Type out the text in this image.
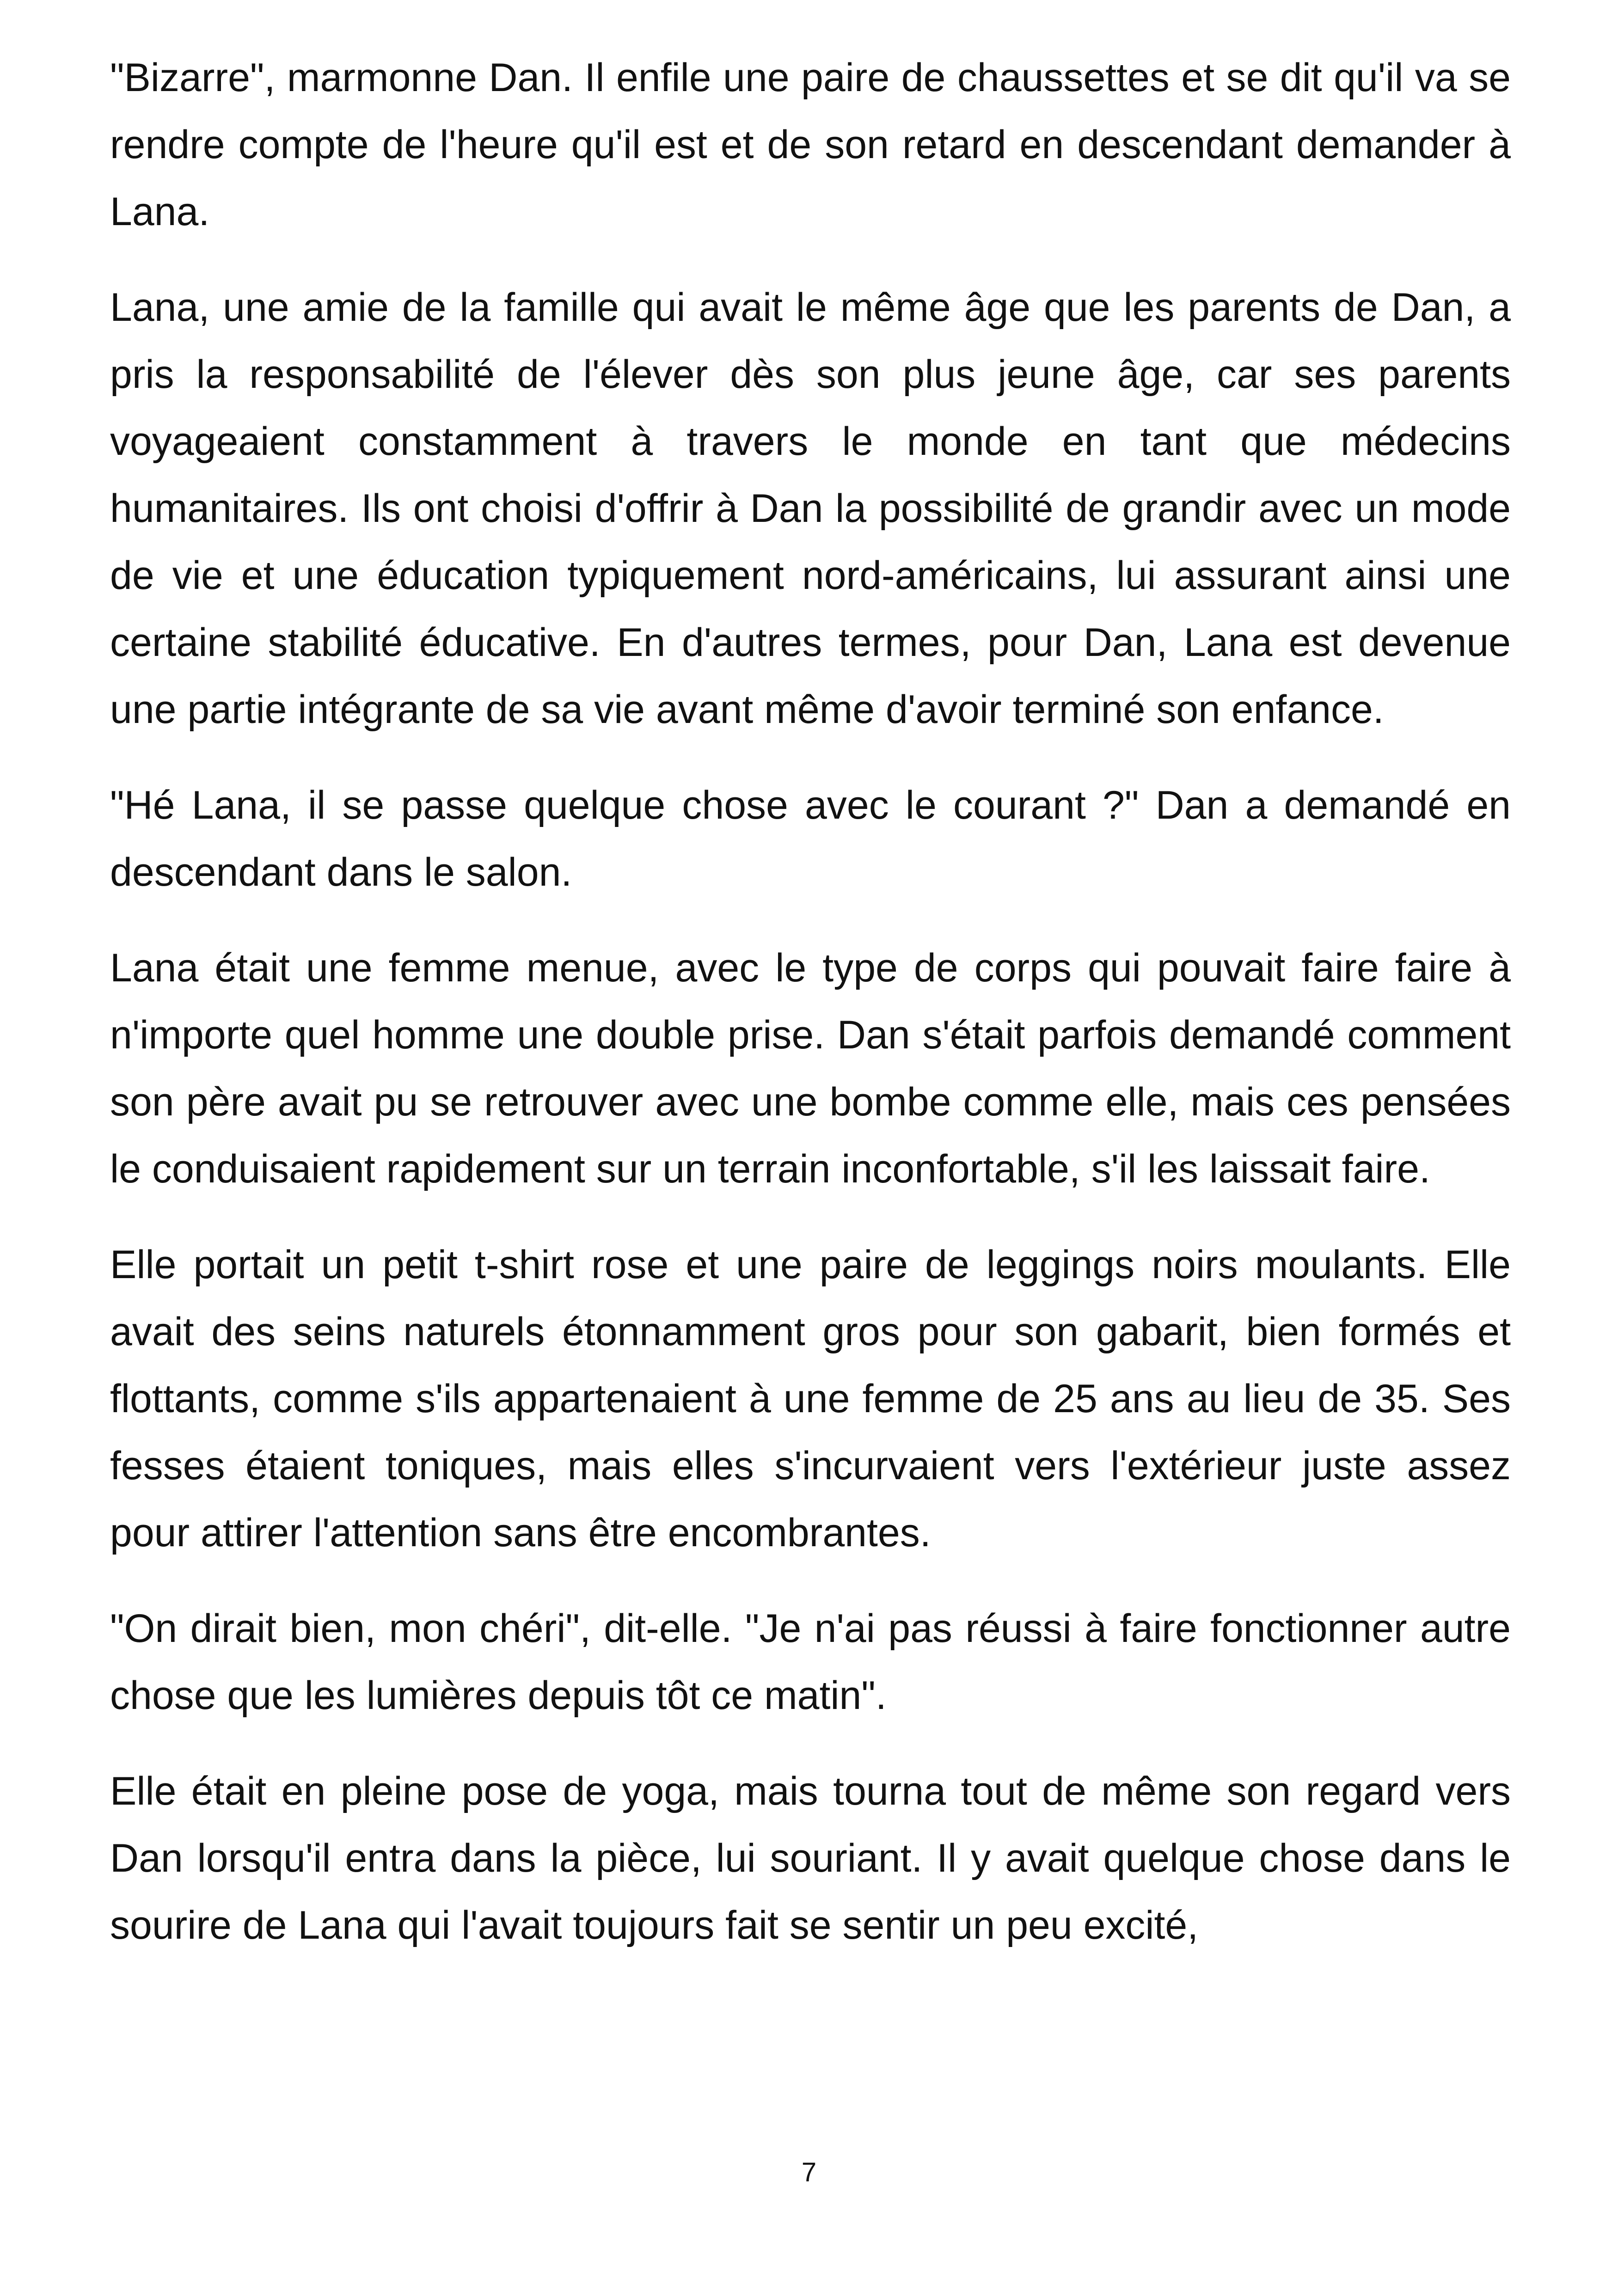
"Bizarre", marmonne Dan. Il enfile une paire de chaussettes et se dit qu'il va se rendre compte de l'heure qu'il est et de son retard en descendant demander à Lana.

Lana, une amie de la famille qui avait le même âge que les parents de Dan, a pris la responsabilité de l'élever dès son plus jeune âge, car ses parents voyageaient constamment à travers le monde en tant que médecins humanitaires. Ils ont choisi d'offrir à Dan la possibilité de grandir avec un mode de vie et une éducation typiquement nord-américains, lui assurant ainsi une certaine stabilité éducative. En d'autres termes, pour Dan, Lana est devenue une partie intégrante de sa vie avant même d'avoir terminé son enfance.

"Hé Lana, il se passe quelque chose avec le courant ?" Dan a demandé en descendant dans le salon.

Lana était une femme menue, avec le type de corps qui pouvait faire faire à n'importe quel homme une double prise. Dan s'était parfois demandé comment son père avait pu se retrouver avec une bombe comme elle, mais ces pensées le conduisaient rapidement sur un terrain inconfortable, s'il les laissait faire.

Elle portait un petit t-shirt rose et une paire de leggings noirs moulants. Elle avait des seins naturels étonnamment gros pour son gabarit, bien formés et flottants, comme s'ils appartenaient à une femme de 25 ans au lieu de 35. Ses fesses étaient toniques, mais elles s'incurvaient vers l'extérieur juste assez pour attirer l'attention sans être encombrantes.

"On dirait bien, mon chéri", dit-elle. "Je n'ai pas réussi à faire fonctionner autre chose que les lumières depuis tôt ce matin".

Elle était en pleine pose de yoga, mais tourna tout de même son regard vers Dan lorsqu'il entra dans la pièce, lui souriant. Il y avait quelque chose dans le sourire de Lana qui l'avait toujours fait se sentir un peu excité,

7
